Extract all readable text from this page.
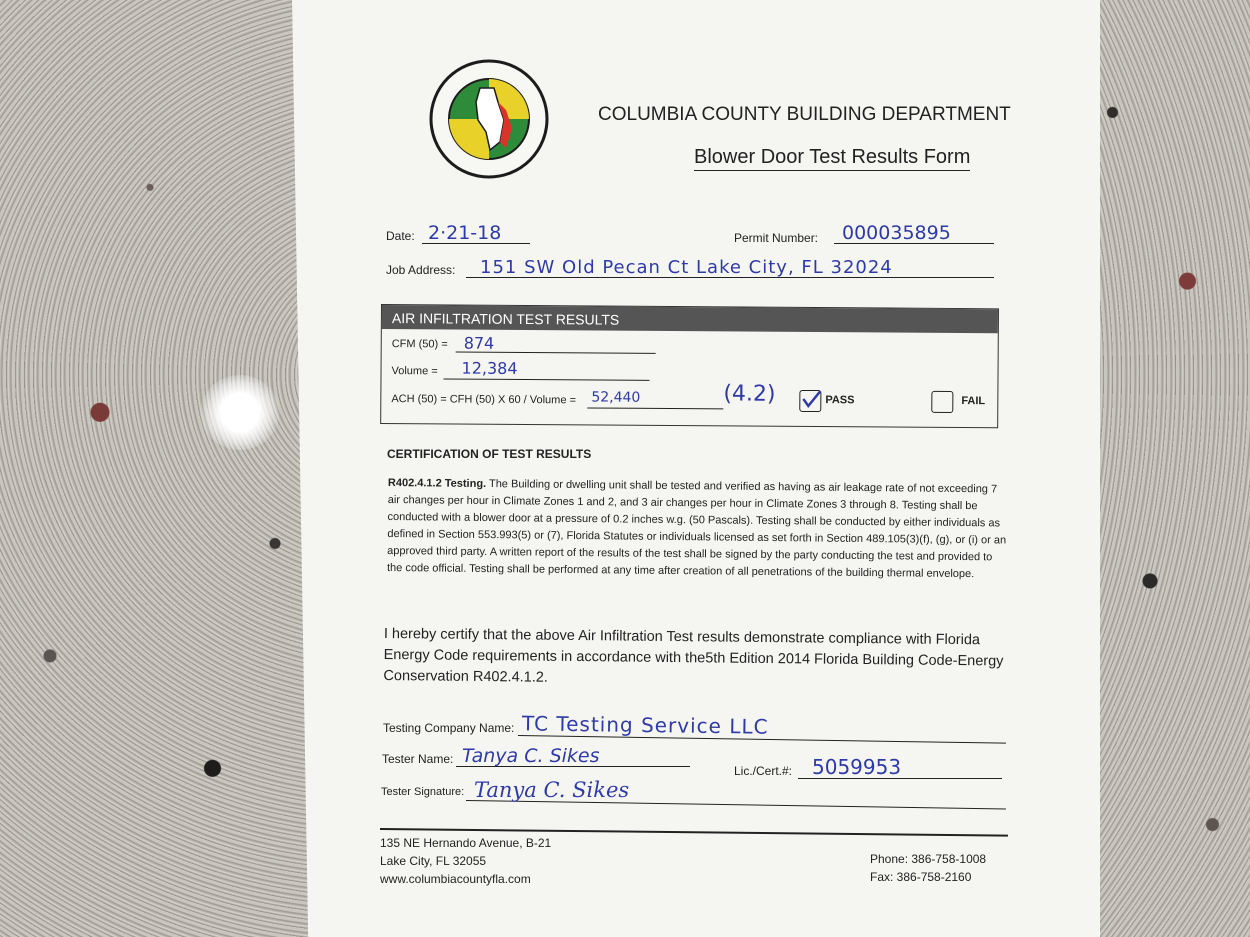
COLUMBIA COUNTY BUILDING DEPARTMENT
Blower Door Test Results Form
Date: 2·21-18	Permit Number: 000035895
Job Address: 151 SW Old Pecan Ct Lake City, FL 32024
AIR INFILTRATION TEST RESULTS
CFM (50) = 874
Volume = 12,384
ACH (50) = CFH (50) X 60 / Volume = 52,440	(4.2)	PASS	FAIL
CERTIFICATION OF TEST RESULTS
R402.4.1.2 Testing. The Building or dwelling unit shall be tested and verified as having as air leakage rate of not exceeding 7 air changes per hour in Climate Zones 1 and 2, and 3 air changes per hour in Climate Zones 3 through 8. Testing shall be conducted with a blower door at a pressure of 0.2 inches w.g. (50 Pascals). Testing shall be conducted by either individuals as defined in Section 553.993(5) or (7), Florida Statutes or individuals licensed as set forth in Section 489.105(3)(f), (g), or (i) or an approved third party. A written report of the results of the test shall be signed by the party conducting the test and provided to the code official. Testing shall be performed at any time after creation of all penetrations of the building thermal envelope.
I hereby certify that the above Air Infiltration Test results demonstrate compliance with Florida Energy Code requirements in accordance with the5th Edition 2014 Florida Building Code-Energy Conservation R402.4.1.2.
Testing Company Name: TC Testing Service LLC
Tester Name: Tanya C. Sikes
Lic./Cert.#: 5059953
Tester Signature: Tanya C. Sikes
135 NE Hernando Avenue, B-21
Lake City, FL 32055
www.columbiacountyfla.com
Phone: 386-758-1008
Fax: 386-758-2160
